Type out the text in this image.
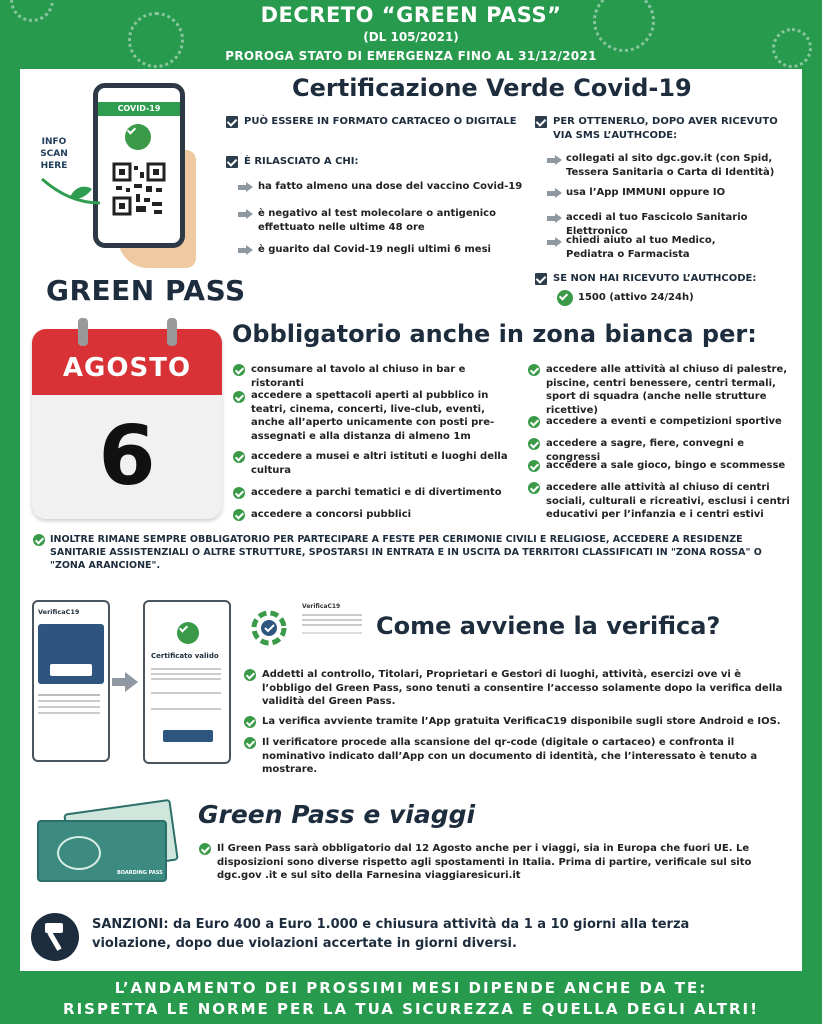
DECRETO “GREEN PASS”
(DL 105/2021)
PROROGA STATO DI EMERGENZA FINO AL 31/12/2021
COVID-19
INFO
SCAN
HERE
GREEN PASS
Certificazione Verde Covid-19
PUÒ ESSERE IN FORMATO CARTACEO O DIGITALE
È RILASCIATO A CHI:
ha fatto almeno una dose del vaccino Covid-19
è negativo al test molecolare o antigenico effettuato nelle ultime 48 ore
è guarito dal Covid-19 negli ultimi 6 mesi
PER OTTENERLO, DOPO AVER RICEVUTO VIA SMS L’AUTHCODE:
collegati al sito dgc.gov.it (con Spid, Tessera Sanitaria o Carta di Identità)
usa l’App IMMUNI oppure IO
accedi al tuo Fascicolo Sanitario Elettronico
chiedi aiuto al tuo Medico, Pediatra o Farmacista
SE NON HAI RICEVUTO L’AUTHCODE:
1500 (attivo 24/24h)
AGOSTO
6
Obbligatorio anche in zona bianca per:
consumare al tavolo al chiuso in bar e ristoranti
accedere a spettacoli aperti al pubblico in teatri, cinema, concerti, live-club, eventi, anche all’aperto unicamente con posti pre-assegnati e alla distanza di almeno 1m
accedere a musei e altri istituti e luoghi della cultura
accedere a parchi tematici e di divertimento
accedere a concorsi pubblici
accedere alle attività al chiuso di palestre, piscine, centri benessere, centri termali, sport di squadra (anche nelle strutture ricettive)
accedere a eventi e competizioni sportive
accedere a sagre, fiere, convegni e congressi
accedere a sale gioco, bingo e scommesse
accedere alle attività al chiuso di centri sociali, culturali e ricreativi, esclusi i centri educativi per l’infanzia e i centri estivi
INOLTRE RIMANE SEMPRE OBBLIGATORIO PER PARTECIPARE A FESTE PER CERIMONIE CIVILI E RELIGIOSE, ACCEDERE A RESIDENZE SANITARIE ASSISTENZIALI O ALTRE STRUTTURE, SPOSTARSI IN ENTRATA E IN USCITA DA TERRITORI CLASSIFICATI IN "ZONA ROSSA" O "ZONA ARANCIONE".
VerificaC19
Certificato valido
VerificaC19
Come avviene la verifica?
Addetti al controllo, Titolari, Proprietari e Gestori di luoghi, attività, esercizi ove vi è l’obbligo del Green Pass, sono tenuti a consentire l’accesso solamente dopo la verifica della validità del Green Pass.
La verifica avviente tramite l’App gratuita VerificaC19 disponibile sugli store Android e IOS.
Il verificatore procede alla scansione del qr-code (digitale o cartaceo) e confronta il nominativo indicato dall’App con un documento di identità, che l’interessato è tenuto a mostrare.
BOARDING PASS
Green Pass e viaggi
Il Green Pass sarà obbligatorio dal 12 Agosto anche per i viaggi, sia in Europa che fuori UE. Le disposizioni sono diverse rispetto agli spostamenti in Italia. Prima di partire, verificale sul sito dgc.gov .it e sul sito della Farnesina viaggiaresicuri.it
SANZIONI: da Euro 400 a Euro 1.000 e chiusura attività da 1 a 10 giorni alla terza violazione, dopo due violazioni accertate in giorni diversi.
L’ANDAMENTO DEI PROSSIMI MESI DIPENDE ANCHE DA TE:
RISPETTA LE NORME PER LA TUA SICUREZZA E QUELLA DEGLI ALTRI!
